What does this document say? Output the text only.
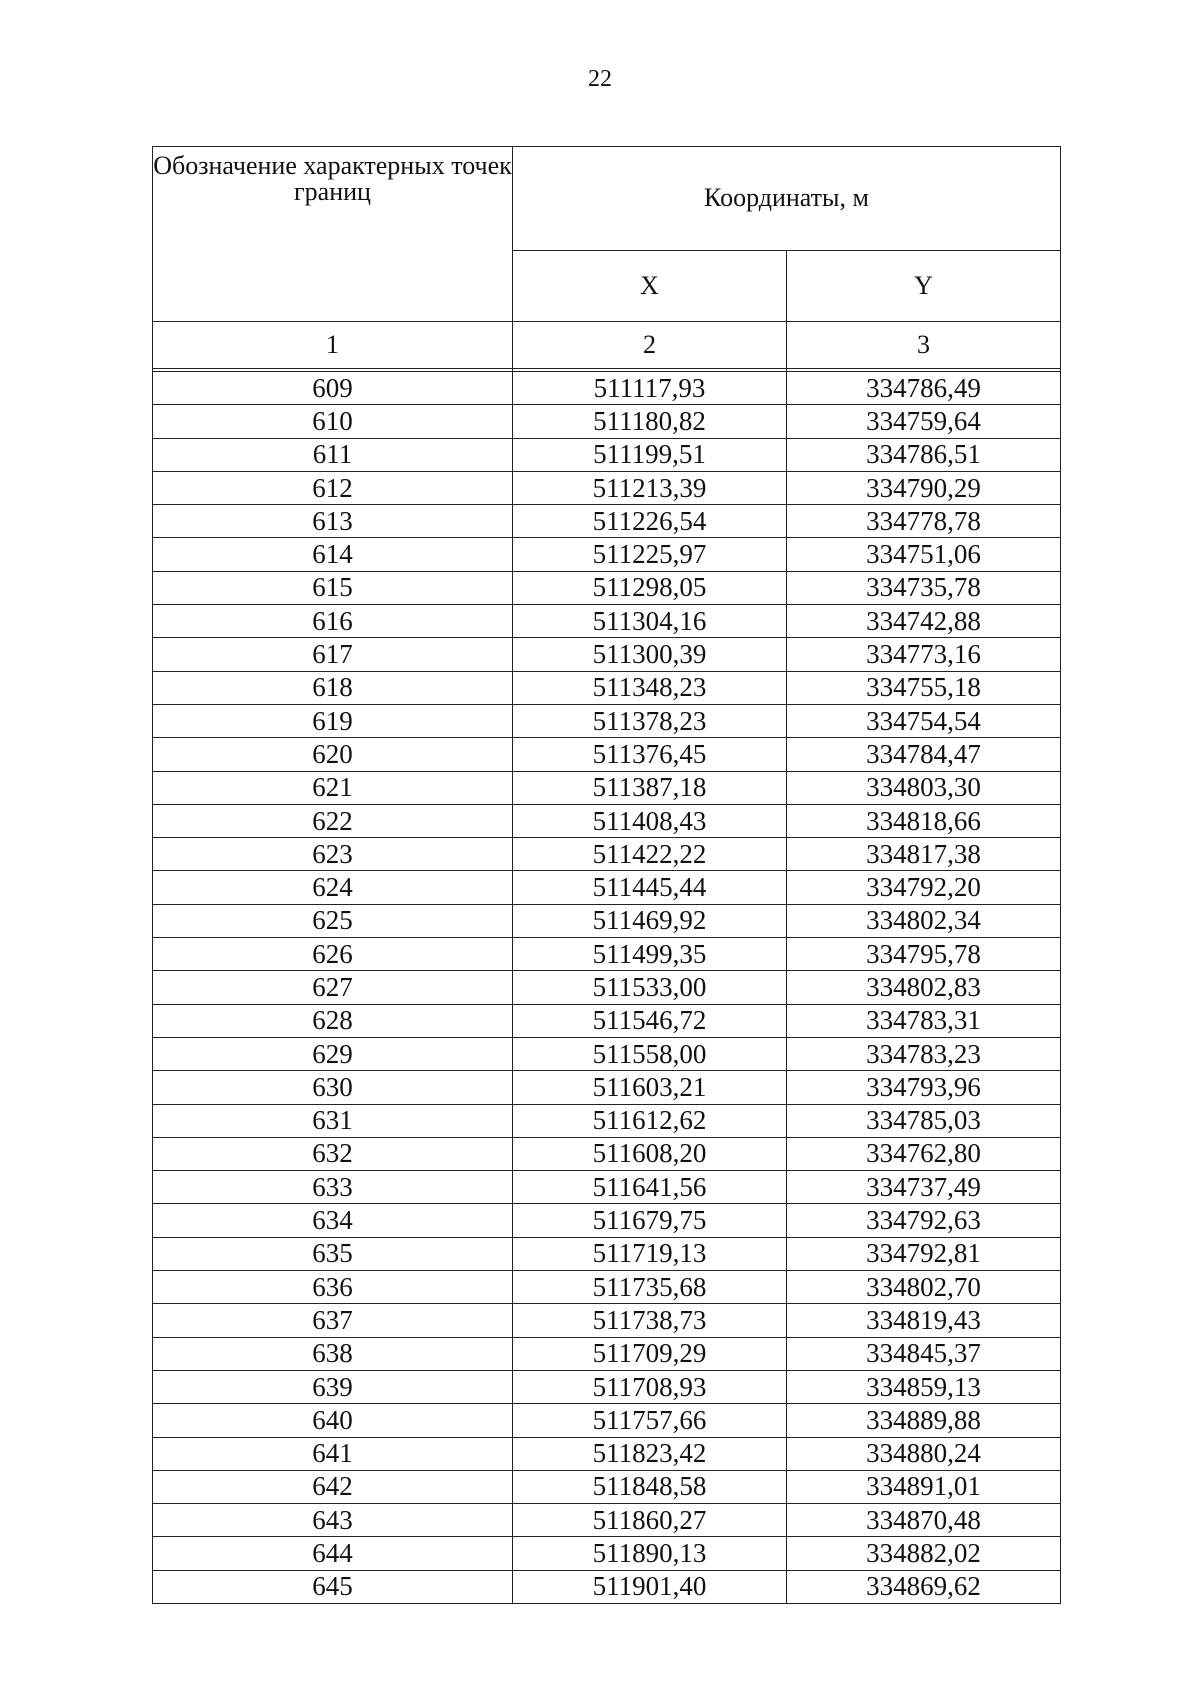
22
Обозначение характерных точек границ	Координаты, м	
	X	Y
1	2	3

609	511117,93	334786,49
610	511180,82	334759,64
611	511199,51	334786,51
612	511213,39	334790,29
613	511226,54	334778,78
614	511225,97	334751,06
615	511298,05	334735,78
616	511304,16	334742,88
617	511300,39	334773,16
618	511348,23	334755,18
619	511378,23	334754,54
620	511376,45	334784,47
621	511387,18	334803,30
622	511408,43	334818,66
623	511422,22	334817,38
624	511445,44	334792,20
625	511469,92	334802,34
626	511499,35	334795,78
627	511533,00	334802,83
628	511546,72	334783,31
629	511558,00	334783,23
630	511603,21	334793,96
631	511612,62	334785,03
632	511608,20	334762,80
633	511641,56	334737,49
634	511679,75	334792,63
635	511719,13	334792,81
636	511735,68	334802,70
637	511738,73	334819,43
638	511709,29	334845,37
639	511708,93	334859,13
640	511757,66	334889,88
641	511823,42	334880,24
642	511848,58	334891,01
643	511860,27	334870,48
644	511890,13	334882,02
645	511901,40	334869,62
